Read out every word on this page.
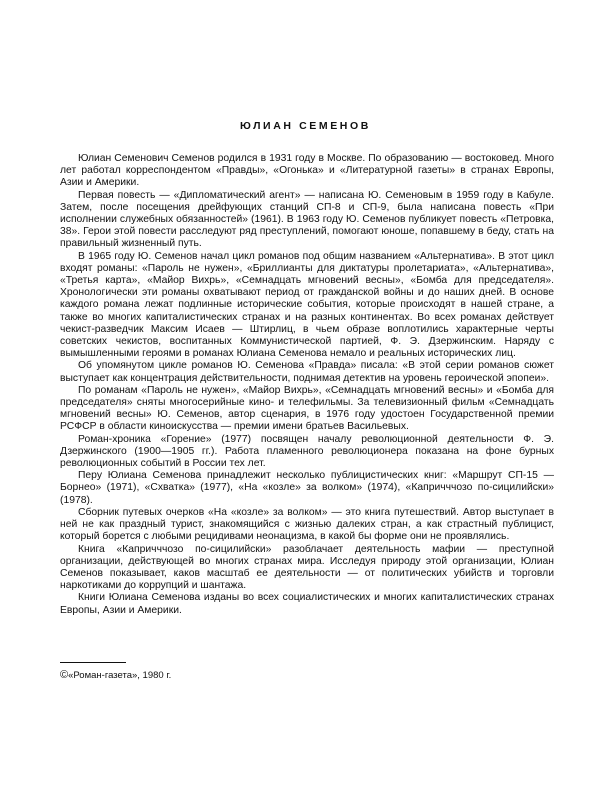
ЮЛИАН СЕМЕНОВ

Юлиан Семенович Семенов родился в 1931 году в Москве. По образованию — востоковед. Много лет работал корреспондентом «Правды», «Огонька» и «Литературной газеты» в странах Европы, Азии и Америки.

Первая повесть — «Дипломатический агент» — написана Ю. Семеновым в 1959 году в Кабуле. Затем, после посещения дрейфующих станций СП-8 и СП-9, была написана повесть «При исполнении служебных обязанностей» (1961). В 1963 году Ю. Семенов публикует повесть «Петровка, 38». Герои этой повести расследуют ряд преступлений, помогают юноше, попавшему в беду, стать на правильный жизненный путь.

В 1965 году Ю. Семенов начал цикл романов под общим названием «Альтернатива». В этот цикл входят романы: «Пароль не нужен», «Бриллианты для диктатуры пролетариата», «Альтернатива», «Третья карта», «Майор Вихрь», «Семнадцать мгновений весны», «Бомба для председателя». Хронологически эти романы охватывают период от гражданской войны и до наших дней. В основе каждого романа лежат подлинные исторические события, которые происходят в нашей стране, а также во многих капиталистических странах и на разных континентах. Во всех романах действует чекист-разведчик Максим Исаев — Штирлиц, в чьем образе воплотились характерные черты советских чекистов, воспитанных Коммунистической партией, Ф. Э. Дзержинским. Наряду с вымышленными героями в романах Юлиана Семенова немало и реальных исторических лиц.

Об упомянутом цикле романов Ю. Семенова «Правда» писала: «В этой серии романов сюжет выступает как концентрация действительности, поднимая детектив на уровень героической эпопеи».

По романам «Пароль не нужен», «Майор Вихрь», «Семнадцать мгновений весны» и «Бомба для председателя» сняты многосерийные кино- и телефильмы. За телевизионный фильм «Семнадцать мгновений весны» Ю. Семенов, автор сценария, в 1976 году удостоен Государственной премии РСФСР в области киноискусства — премии имени братьев Васильевых.

Роман-хроника «Горение» (1977) посвящен началу революционной деятельности Ф. Э. Дзержинского (1900—1905 гг.). Работа пламенного революционера показана на фоне бурных революционных событий в России тех лет.

Перу Юлиана Семенова принадлежит несколько публицистических книг: «Маршрут СП-15 — Борнео» (1971), «Схватка» (1977), «На «козле» за волком» (1974), «Капричччозо по-сицилийски» (1978).

Сборник путевых очерков «На «козле» за волком» — это книга путешествий. Автор выступает в ней не как праздный турист, знакомящийся с жизнью далеких стран, а как страстный публицист, который борется с любыми рецидивами неонацизма, в какой бы форме они не проявлялись.

Книга «Капричччозо по-сицилийски» разоблачает деятельность мафии — преступной организации, действующей во многих странах мира. Исследуя природу этой организации, Юлиан Семенов показывает, каков масштаб ее деятельности — от политических убийств и торговли наркотиками до коррупций и шантажа.

Книги Юлиана Семенова изданы во всех социалистических и многих капиталистических странах Европы, Азии и Америки.

©«Роман-газета», 1980 г.
